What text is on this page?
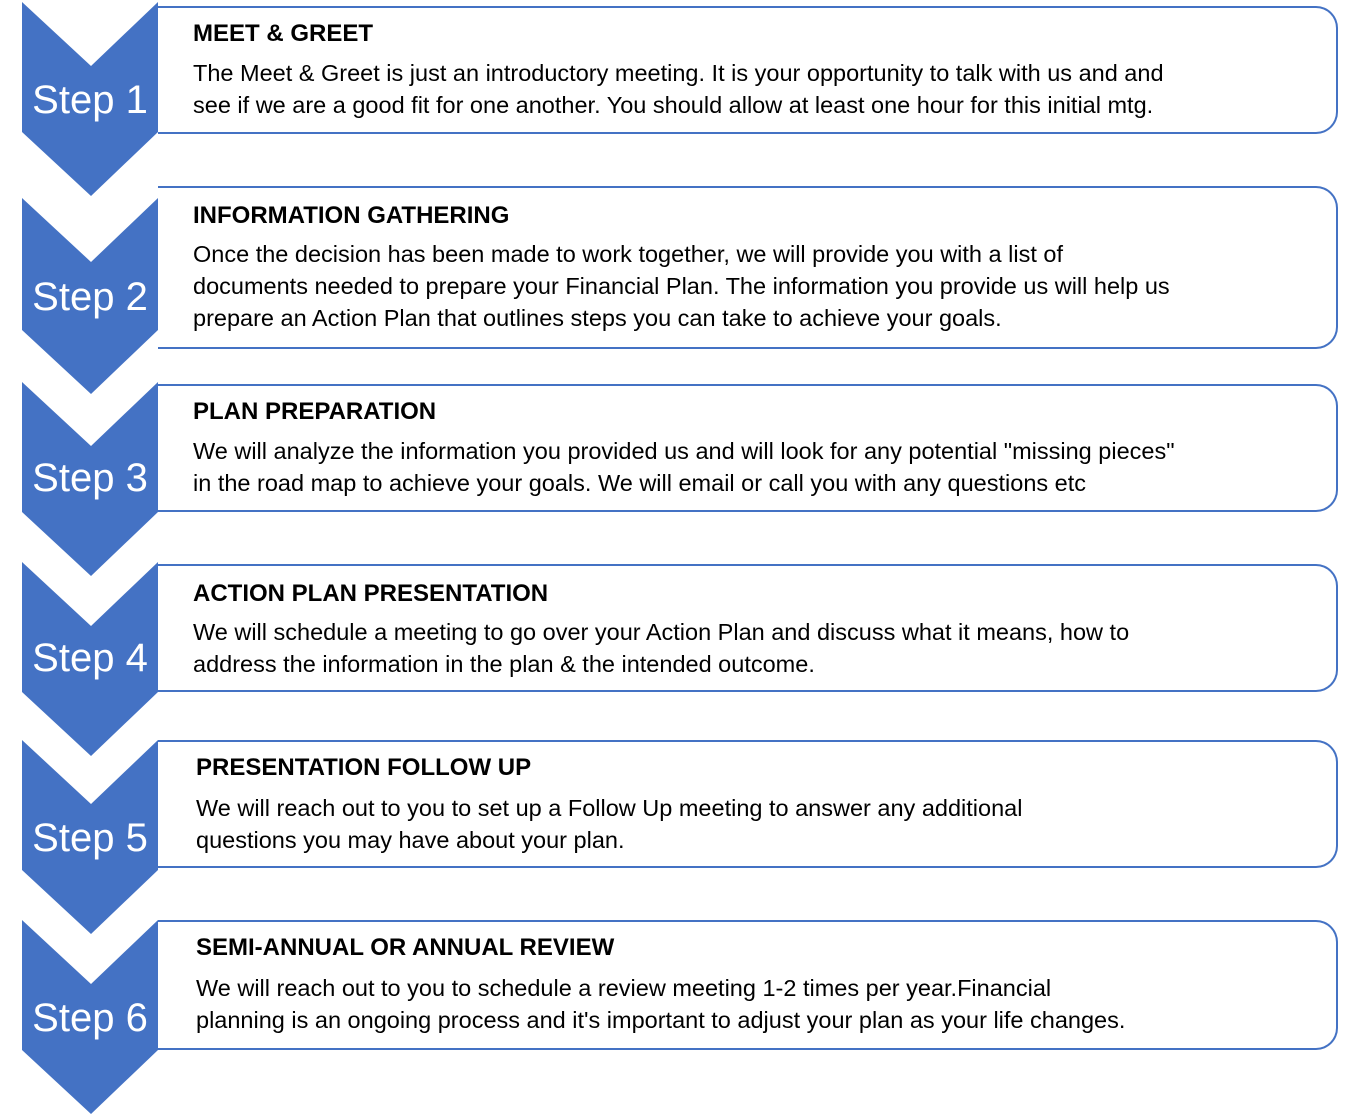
Step 1
Step 2
Step 3
Step 4
Step 5
Step 6
MEET & GREET
The Meet & Greet is just an introductory meeting. It is your opportunity to talk with us and and
see if we are a good fit for one another. You should allow at least one hour for this initial mtg.
INFORMATION GATHERING
Once the decision has been made to work together, we will provide you with a list of
documents needed to prepare your Financial Plan. The information you provide us will help us
prepare an Action Plan that outlines steps you can take to achieve your goals.
PLAN PREPARATION
We will analyze the information you provided us and will look for any potential "missing pieces"
in the road map to achieve your goals. We will email or call you with any questions etc
ACTION PLAN PRESENTATION
We will schedule a meeting to go over your Action Plan and discuss what it means, how to
address the information in the plan & the intended outcome.
PRESENTATION FOLLOW UP
We will reach out to you to set up a Follow Up meeting to answer any additional
questions you may have about your plan.
SEMI-ANNUAL OR ANNUAL REVIEW
We will reach out to you to schedule a review meeting 1-2 times per year.Financial
planning is an ongoing process and it's important to adjust your plan as your life changes.
